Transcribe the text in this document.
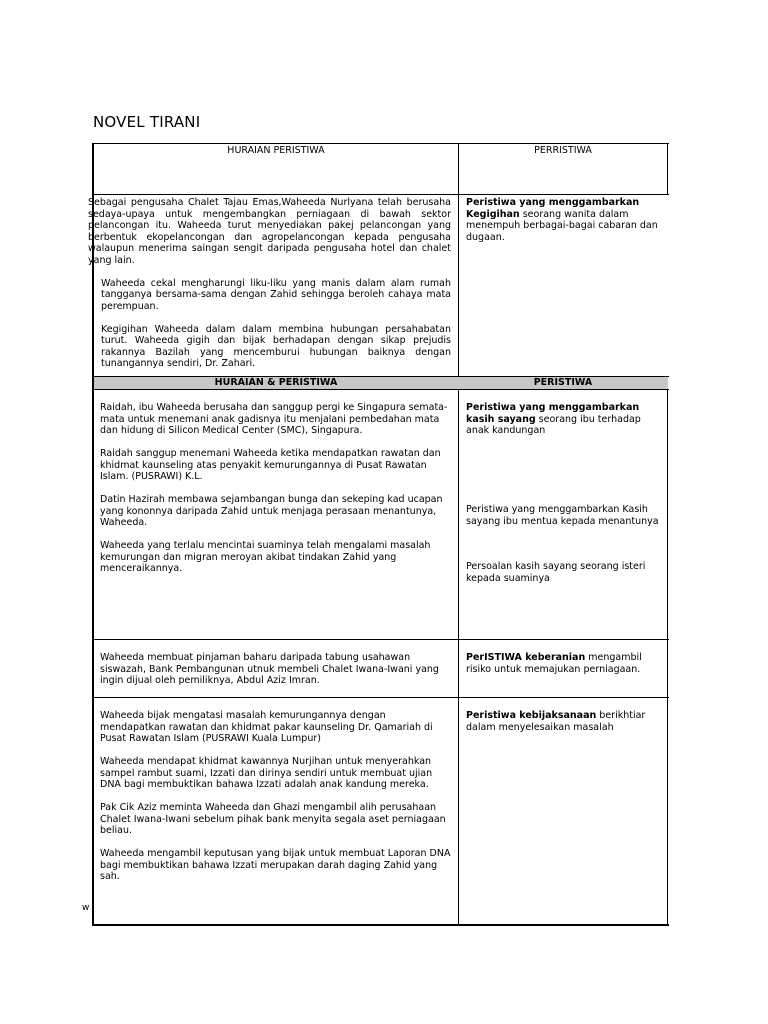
NOVEL TIRANI
HURAIAN PERISTIWA	PERRISTIWA

Sebagai pengusaha Chalet Tajau Emas,Waheeda Nurlyana telah berusaha sedaya-upaya untuk mengembangkan perniagaan di bawah sektor pelancongan itu. Waheeda turut menyediakan pakej pelancongan yang berbentuk ekopelancongan dan agropelancongan kepada pengusaha walaupun menerima saingan sengit daripada pengusaha hotel dan chalet yang lain.

Waheeda cekal mengharungi liku-liku yang manis dalam alam rumah tangganya bersama-sama dengan Zahid sehingga beroleh cahaya mata perempuan.

Kegigihan Waheeda dalam dalam membina hubungan persahabatan turut. Waheeda gigih dan bijak berhadapan dengan sikap prejudis rakannya Bazilah yang mencemburui hubungan baiknya dengan tunangannya sendiri, Dr. Zahari.

Peristiwa yang menggambarkan Kegigihan seorang wanita dalam menempuh berbagai-bagai cabaran dan dugaan.
HURAIAN & PERISTIWA	PERISTIWA

Raidah, ibu Waheeda berusaha dan sanggup pergi ke Singapura semata-mata untuk menemani anak gadisnya itu menjalani pembedahan mata dan hidung di Silicon Medical Center (SMC), Singapura.

Raidah sanggup menemani Waheeda ketika mendapatkan rawatan dan khidmat kaunseling atas penyakit kemurungannya di Pusat Rawatan Islam. (PUSRAWI) K.L.

Datin Hazirah membawa sejambangan bunga dan sekeping kad ucapan yang kononnya daripada Zahid untuk menjaga perasaan menantunya, Waheeda.

Waheeda yang terlalu mencintai suaminya telah mengalami masalah kemurungan dan migran meroyan akibat tindakan Zahid yang menceraikannya.

Peristiwa yang menggambarkan kasih sayang seorang ibu terhadap anak kandungan
Peristiwa yang menggambarkan Kasih sayang ibu mentua kepada menantunya
Persoalan kasih sayang seorang isteri kepada suaminya
Waheeda membuat pinjaman baharu daripada tabung usahawan siswazah, Bank Pembangunan utnuk membeli Chalet Iwana-Iwani yang ingin dijual oleh pemiliknya, Abdul Aziz Imran.
PerISTIWA keberanian mengambil risiko untuk memajukan perniagaan.

Waheeda bijak mengatasi masalah kemurungannya dengan mendapatkan rawatan dan khidmat pakar kaunseling Dr. Qamariah di Pusat Rawatan Islam (PUSRAWI Kuala Lumpur)

Waheeda mendapat khidmat kawannya Nurjihan untuk menyerahkan sampel rambut suami, Izzati dan dirinya sendiri untuk membuat ujian DNA bagi membuktikan bahawa Izzati adalah anak kandung mereka.

Pak Cik Aziz meminta Waheeda dan Ghazi mengambil alih perusahaan Chalet Iwana-Iwani sebelum pihak bank menyita segala aset perniagaan beliau.

Waheeda mengambil keputusan yang bijak untuk membuat Laporan DNA bagi membuktikan bahawa Izzati merupakan darah daging Zahid yang sah.

Peristiwa kebijaksanaan berikhtiar dalam menyelesaikan masalah
w
